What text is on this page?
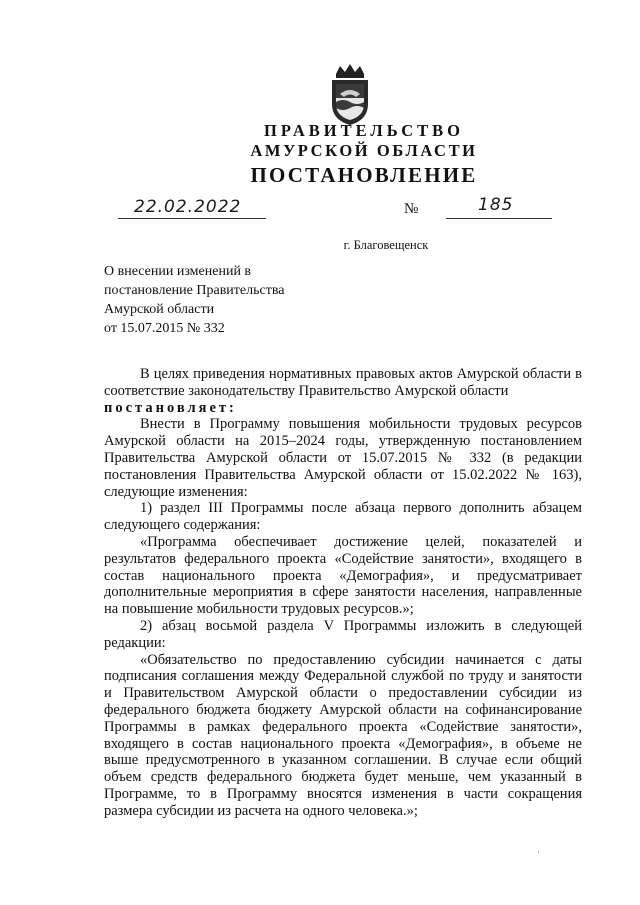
ПРАВИТЕЛЬСТВО
АМУРСКОЙ ОБЛАСТИ
ПОСТАНОВЛЕНИЕ
22.02.2022	№	185
г. Благовещенск
О внесении изменений в
постановление Правительства
Амурской области
от 15.07.2015 № 332

В целях приведения нормативных правовых актов Амурской области в соответствие законодательству Правительство Амурской области

постановляет:

Внести в Программу повышения мобильности трудовых ресурсов Амурской области на 2015–2024 годы, утвержденную постановлением Правительства Амурской области от 15.07.2015 № 332 (в редакции постановления Правительства Амурской области от 15.02.2022 № 163), следующие изменения:

1) раздел III Программы после абзаца первого дополнить абзацем следующего содержания:

«Программа обеспечивает достижение целей, показателей и результатов федерального проекта «Содействие занятости», входящего в состав национального проекта «Демография», и предусматривает дополнительные мероприятия в сфере занятости населения, направленные на повышение мобильности трудовых ресурсов.»;

2) абзац восьмой раздела V Программы изложить в следующей редакции:

«Обязательство по предоставлению субсидии начинается с даты подписания соглашения между Федеральной службой по труду и занятости и Правительством Амурской области о предоставлении субсидии из федерального бюджета бюджету Амурской области на софинансирование Программы в рамках федерального проекта «Содействие занятости», входящего в состав национального проекта «Демография», в объеме не выше предусмотренного в указанном соглашении. В случае если общий объем средств федерального бюджета будет меньше, чем указанный в Программе, то в Программу вносятся изменения в части сокращения размера субсидии из расчета на одного человека.»;

'
